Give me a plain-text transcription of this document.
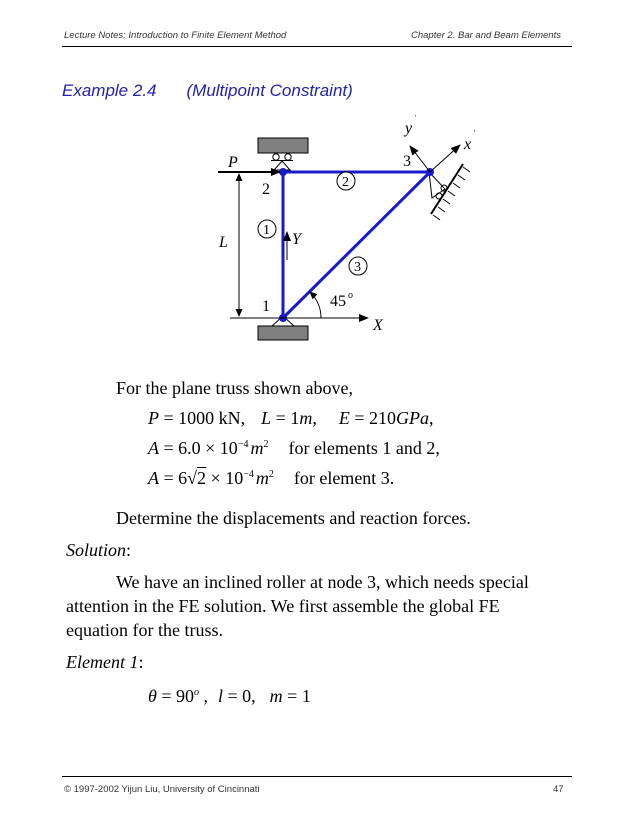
Lecture Notes: Introduction to Finite Element Method	Chapter 2. Bar and Beam Elements
Example 2.4 (Multipoint Constraint)
P
2
3
1
1
2
3
L	Y
X
y
'
x
'
45 o
For the plane truss shown above,
P = 1000 kN, L = 1m, E = 210GPa,
$A = 6.0 \times 10^{-4}$ $m^2$ for elements 1 and 2,
$A = 6√2 \times 10^{-4}$ $m^2$ for element 3.
Determine the displacements and reaction forces.
Solution:
We have an inclined roller at node 3, which needs special
attention in the FE solution. We first assemble the global FE
equation for the truss.
Element 1:
$\theta = 90^o$ , l = 0, m = 1
© 1997-2002 Yijun Liu, University of Cincinnati	47
